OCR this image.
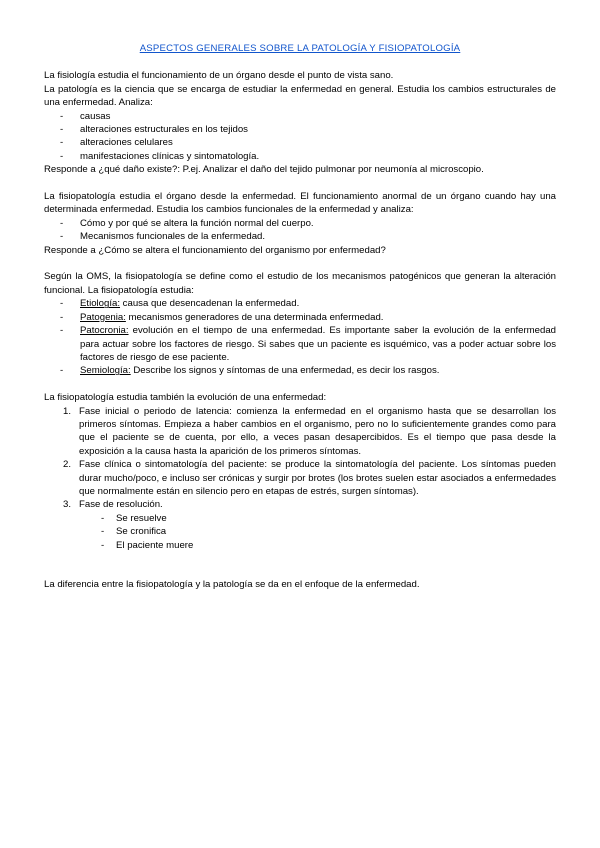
ASPECTOS GENERALES SOBRE LA PATOLOGÍA Y FISIOPATOLOGÍA

La fisiología estudia el funcionamiento de un órgano desde el punto de vista sano.

La patología es la ciencia que se encarga de estudiar la enfermedad en general. Estudia los cambios estructurales de una enfermedad. Analiza:

- causas
- alteraciones estructurales en los tejidos
- alteraciones celulares
- manifestaciones clínicas y sintomatología.

Responde a ¿qué daño existe?: P.ej. Analizar el daño del tejido pulmonar por neumonía al microscopio.

La fisiopatología estudia el órgano desde la enfermedad. El funcionamiento anormal de un órgano cuando hay una determinada enfermedad. Estudia los cambios funcionales de la enfermedad y analiza:

- Cómo y por qué se altera la función normal del cuerpo.
- Mecanismos funcionales de la enfermedad.

Responde a ¿Cómo se altera el funcionamiento del organismo por enfermedad?

Según la OMS, la fisiopatología se define como el estudio de los mecanismos patogénicos que generan la alteración funcional. La fisiopatología estudia:

- Etiología: causa que desencadenan la enfermedad.
- Patogenia: mecanismos generadores de una determinada enfermedad.
- Patocronia: evolución en el tiempo de una enfermedad. Es importante saber la evolución de la enfermedad para actuar sobre los factores de riesgo. Si sabes que un paciente es isquémico, vas a poder actuar sobre los factores de riesgo de ese paciente.
- Semiología: Describe los signos y síntomas de una enfermedad, es decir los rasgos.

La fisiopatología estudia también la evolución de una enfermedad:

1. Fase inicial o periodo de latencia: comienza la enfermedad en el organismo hasta que se desarrollan los primeros síntomas. Empieza a haber cambios en el organismo, pero no lo suficientemente grandes como para que el paciente se de cuenta, por ello, a veces pasan desapercibidos. Es el tiempo que pasa desde la exposición a la causa hasta la aparición de los primeros síntomas.
2. Fase clínica o sintomatología del paciente: se produce la sintomatología del paciente. Los síntomas pueden durar mucho/poco, e incluso ser crónicas y surgir por brotes (los brotes suelen estar asociados a enfermedades que normalmente están en silencio pero en etapas de estrés, surgen síntomas).
3. Fase de resolución.
- Se resuelve
- Se cronifica
- El paciente muere

La diferencia entre la fisiopatología y la patología se da en el enfoque de la enfermedad.
